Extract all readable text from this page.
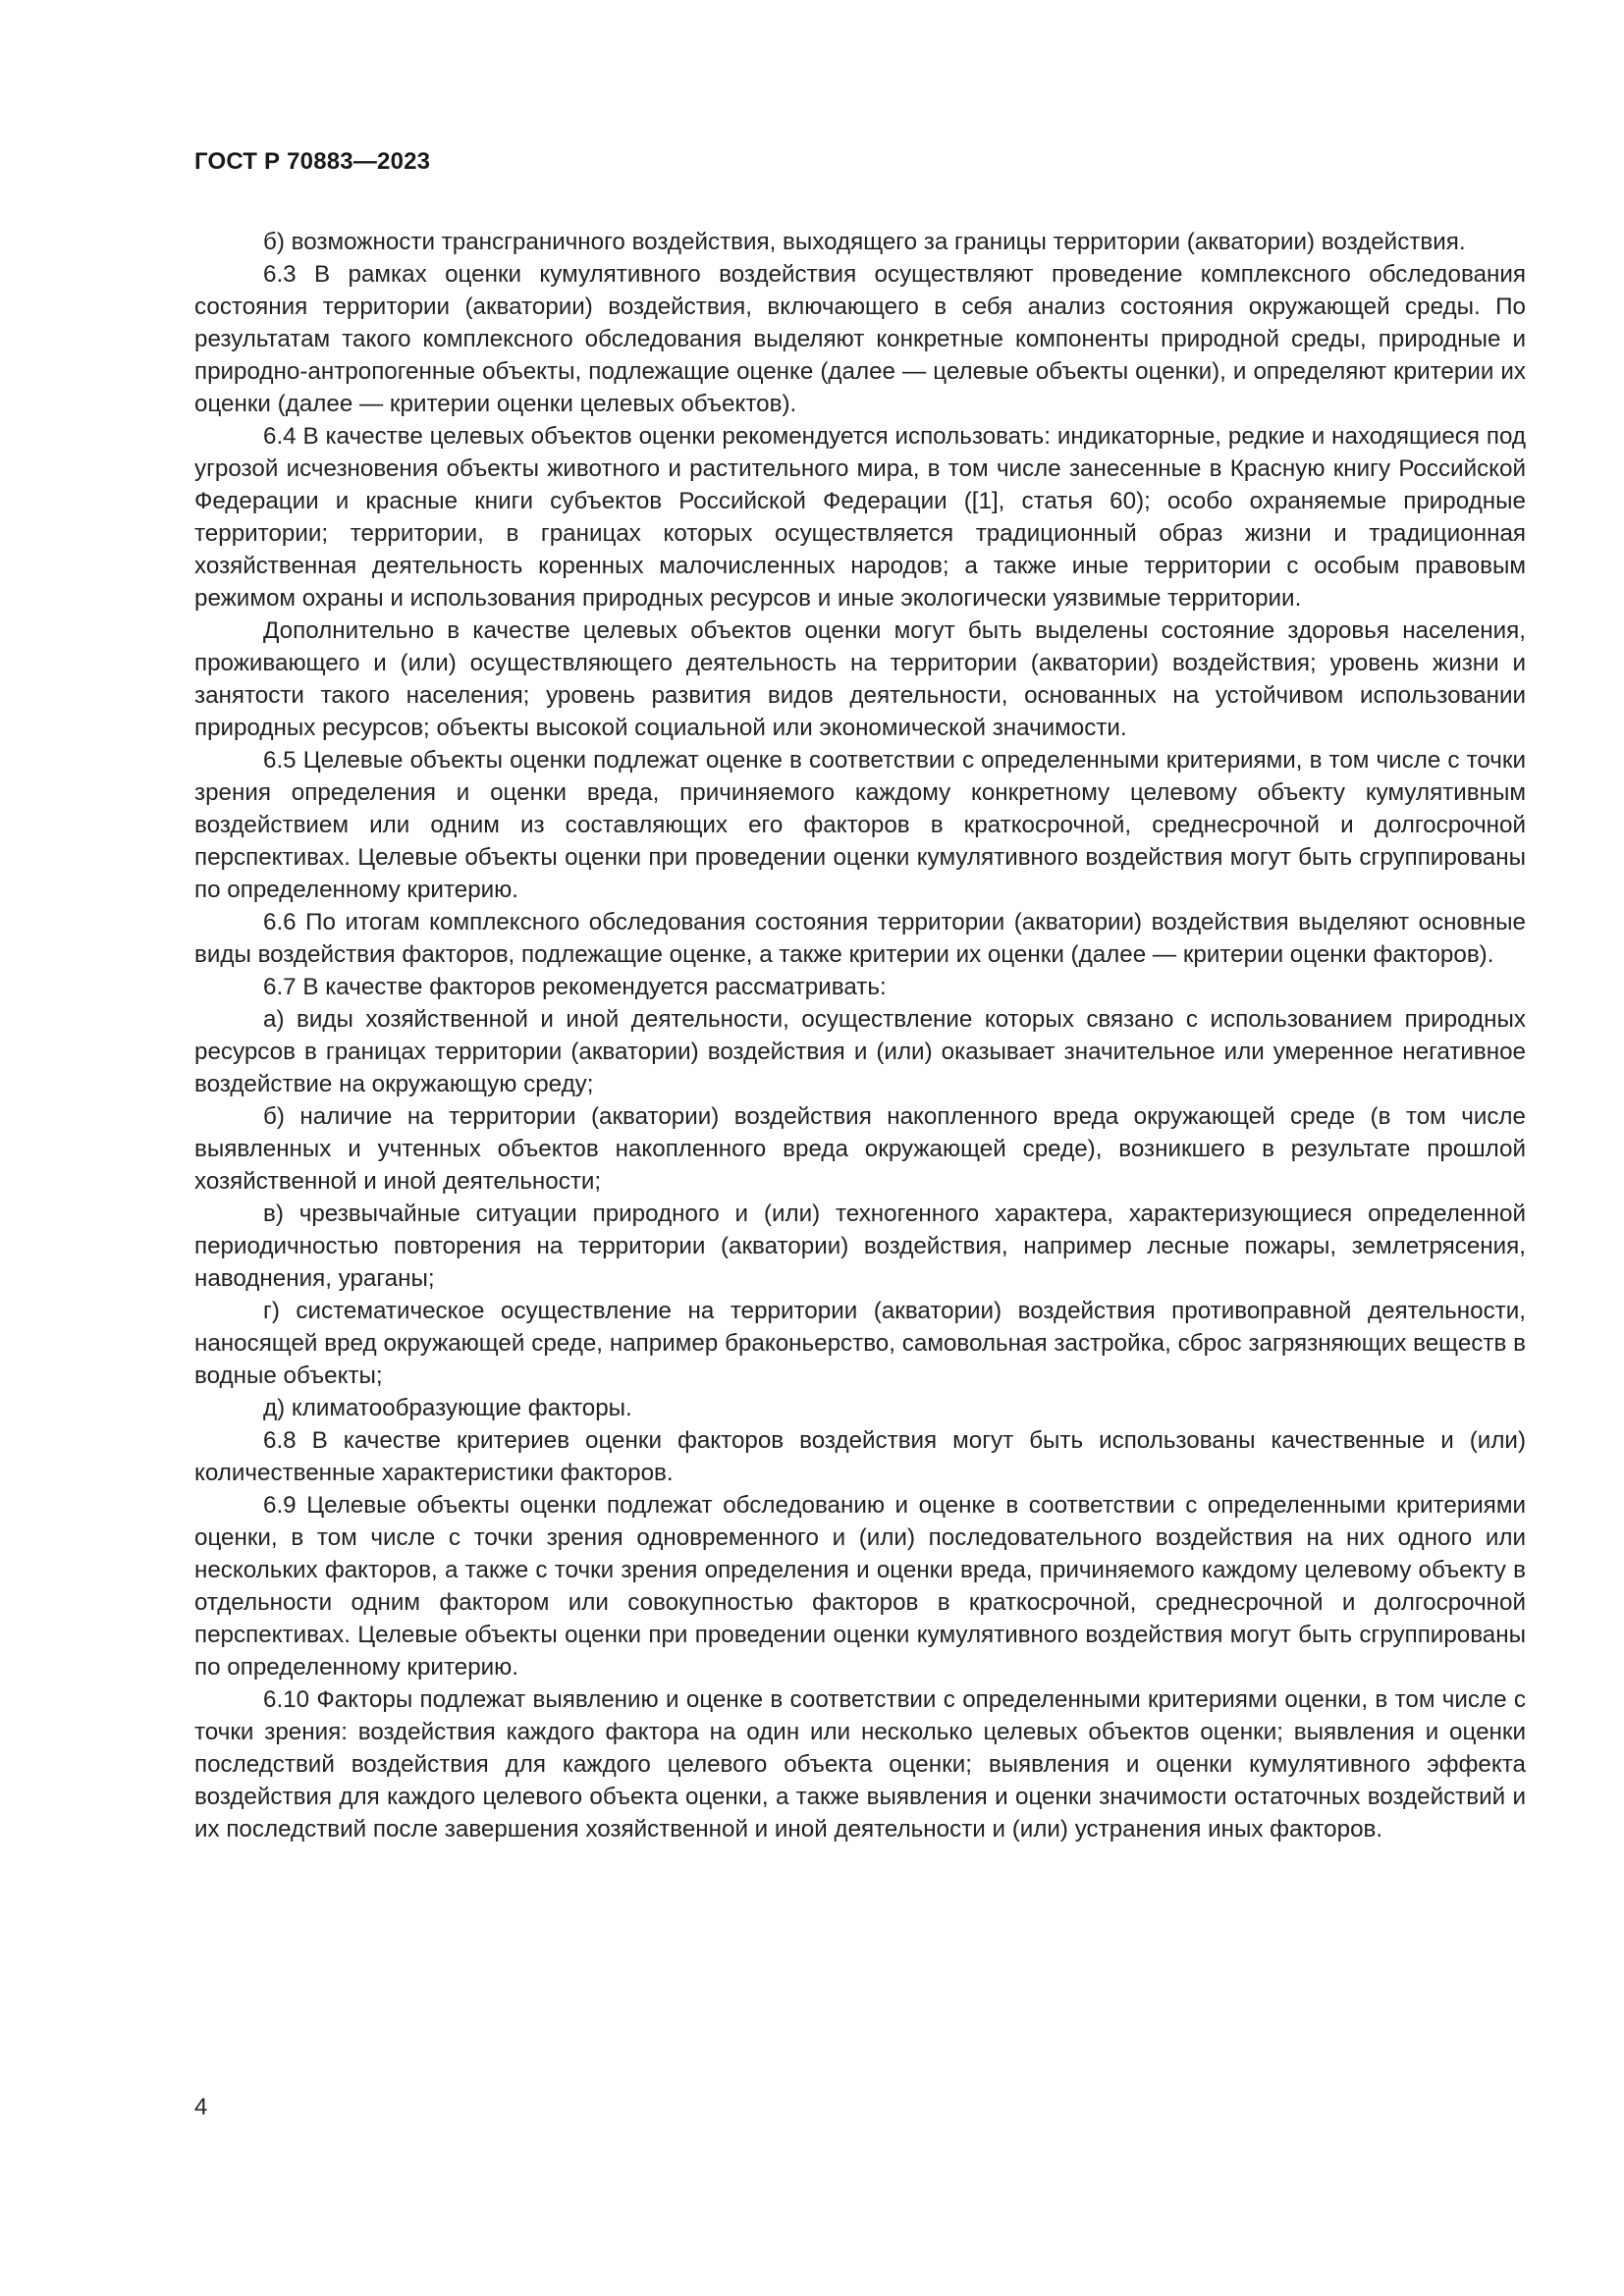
ГОСТ Р 70883—2023

б) возможности трансграничного воздействия, выходящего за границы территории (акватории) воздействия.

6.3 В рамках оценки кумулятивного воздействия осуществляют проведение комплексного обследования состояния территории (акватории) воздействия, включающего в себя анализ состояния окружающей среды. По результатам такого комплексного обследования выделяют конкретные компоненты природной среды, природные и природно-антропогенные объекты, подлежащие оценке (далее — целевые объекты оценки), и определяют критерии их оценки (далее — критерии оценки целевых объектов).

6.4 В качестве целевых объектов оценки рекомендуется использовать: индикаторные, редкие и находящиеся под угрозой исчезновения объекты животного и растительного мира, в том числе занесенные в Красную книгу Российской Федерации и красные книги субъектов Российской Федерации ([1], статья 60); особо охраняемые природные территории; территории, в границах которых осуществляется традиционный образ жизни и традиционная хозяйственная деятельность коренных малочисленных народов; а также иные территории с особым правовым режимом охраны и использования природных ресурсов и иные экологически уязвимые территории.

Дополнительно в качестве целевых объектов оценки могут быть выделены состояние здоровья населения, проживающего и (или) осуществляющего деятельность на территории (акватории) воздействия; уровень жизни и занятости такого населения; уровень развития видов деятельности, основанных на устойчивом использовании природных ресурсов; объекты высокой социальной или экономической значимости.

6.5 Целевые объекты оценки подлежат оценке в соответствии с определенными критериями, в том числе с точки зрения определения и оценки вреда, причиняемого каждому конкретному целевому объекту кумулятивным воздействием или одним из составляющих его факторов в краткосрочной, среднесрочной и долгосрочной перспективах. Целевые объекты оценки при проведении оценки кумулятивного воздействия могут быть сгруппированы по определенному критерию.

6.6 По итогам комплексного обследования состояния территории (акватории) воздействия выделяют основные виды воздействия факторов, подлежащие оценке, а также критерии их оценки (далее — критерии оценки факторов).

6.7 В качестве факторов рекомендуется рассматривать:

а) виды хозяйственной и иной деятельности, осуществление которых связано с использованием природных ресурсов в границах территории (акватории) воздействия и (или) оказывает значительное или умеренное негативное воздействие на окружающую среду;

б) наличие на территории (акватории) воздействия накопленного вреда окружающей среде (в том числе выявленных и учтенных объектов накопленного вреда окружающей среде), возникшего в результате прошлой хозяйственной и иной деятельности;

в) чрезвычайные ситуации природного и (или) техногенного характера, характеризующиеся определенной периодичностью повторения на территории (акватории) воздействия, например лесные пожары, землетрясения, наводнения, ураганы;

г) систематическое осуществление на территории (акватории) воздействия противоправной деятельности, наносящей вред окружающей среде, например браконьерство, самовольная застройка, сброс загрязняющих веществ в водные объекты;

д) климатообразующие факторы.

6.8 В качестве критериев оценки факторов воздействия могут быть использованы качественные и (или) количественные характеристики факторов.

6.9 Целевые объекты оценки подлежат обследованию и оценке в соответствии с определенными критериями оценки, в том числе с точки зрения одновременного и (или) последовательного воздействия на них одного или нескольких факторов, а также с точки зрения определения и оценки вреда, причиняемого каждому целевому объекту в отдельности одним фактором или совокупностью факторов в краткосрочной, среднесрочной и долгосрочной перспективах. Целевые объекты оценки при проведении оценки кумулятивного воздействия могут быть сгруппированы по определенному критерию.

6.10 Факторы подлежат выявлению и оценке в соответствии с определенными критериями оценки, в том числе с точки зрения: воздействия каждого фактора на один или несколько целевых объектов оценки; выявления и оценки последствий воздействия для каждого целевого объекта оценки; выявления и оценки кумулятивного эффекта воздействия для каждого целевого объекта оценки, а также выявления и оценки значимости остаточных воздействий и их последствий после завершения хозяйственной и иной деятельности и (или) устранения иных факторов.

4
